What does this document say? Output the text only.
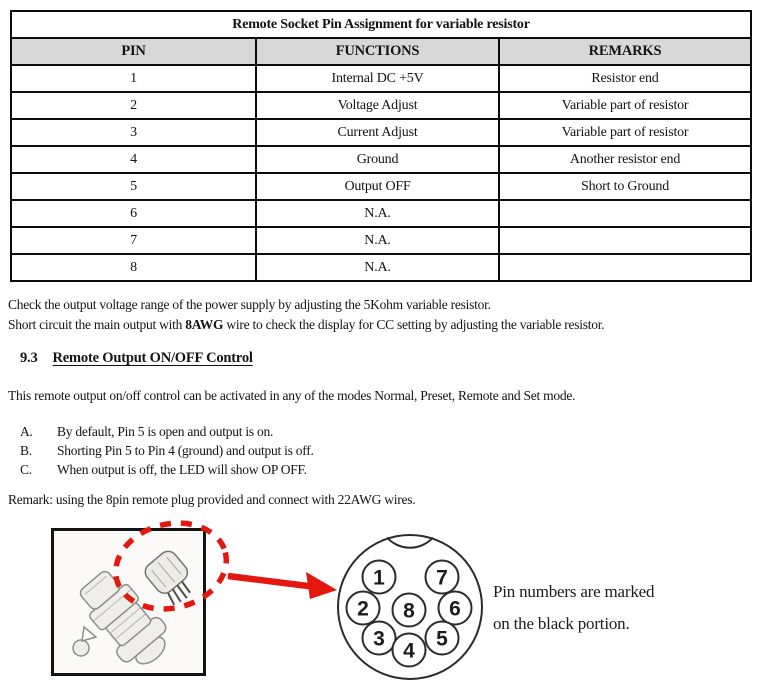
Remote Socket Pin Assignment for variable resistor		
PIN	FUNCTIONS	REMARKS
1	Internal DC +5V	Resistor end
2	Voltage Adjust	Variable part of resistor
3	Current Adjust	Variable part of resistor
4	Ground	Another resistor end
5	Output OFF	Short to Ground
6	N.A.	
7	N.A.	
8	N.A.	
Check the output voltage range of the power supply by adjusting the 5Kohm variable resistor.
Short circuit the main output with 8AWG wire to check the display for CC setting by adjusting the variable resistor.
9.3 Remote Output ON/OFF Control
This remote output on/off control can be activated in any of the modes Normal, Preset, Remote and Set mode.
A.	By default, Pin 5 is open and output is on.
B.	Shorting Pin 5 to Pin 4 (ground) and output is off.
C.	When output is off, the LED will show OP OFF.
Remark: using the 8pin remote plug provided and connect with 22AWG wires.
1 7
2 8 6
3
4
5
Pin numbers are marked
on the black portion.
